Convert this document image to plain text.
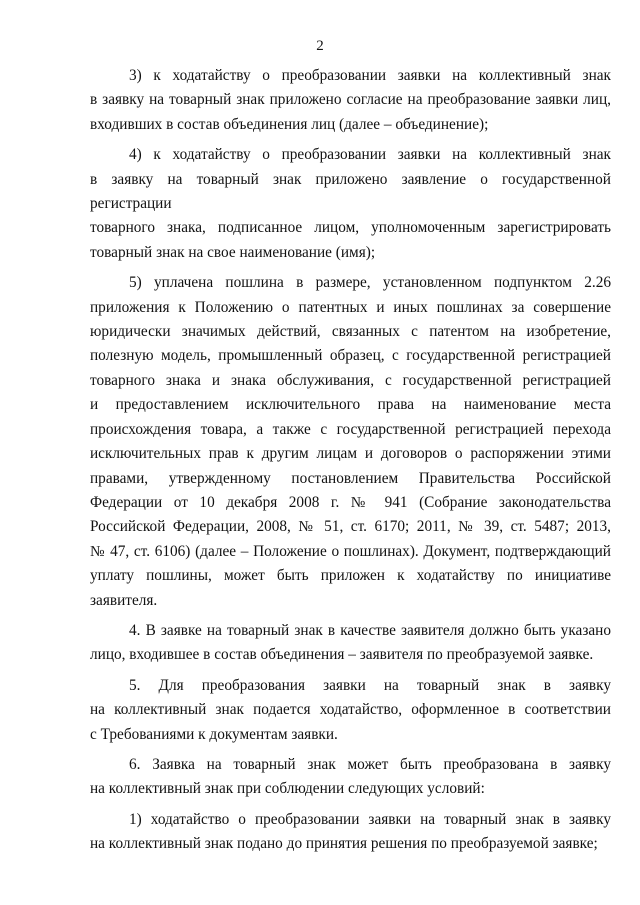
2

3) к ходатайству о преобразовании заявки на коллективный знак
в заявку на товарный знак приложено согласие на преобразование заявки лиц,
входивших в состав объединения лиц (далее – объединение);

4) к ходатайству о преобразовании заявки на коллективный знак
в заявку на товарный знак приложено заявление о государственной регистрации
товарного знака, подписанное лицом, уполномоченным зарегистрировать
товарный знак на свое наименование (имя);

5) уплачена пошлина в размере, установленном подпунктом 2.26
приложения к Положению о патентных и иных пошлинах за совершение
юридически значимых действий, связанных с патентом на изобретение,
полезную модель, промышленный образец, с государственной регистрацией
товарного знака и знака обслуживания, с государственной регистрацией
и предоставлением исключительного права на наименование места
происхождения товара, а также с государственной регистрацией перехода
исключительных прав к другим лицам и договоров о распоряжении этими
правами, утвержденному постановлением Правительства Российской
Федерации от 10 декабря 2008 г. № 941 (Собрание законодательства
Российской Федерации, 2008, № 51, ст. 6170; 2011, № 39, ст. 5487; 2013,
№ 47, ст. 6106) (далее – Положение о пошлинах). Документ, подтверждающий
уплату пошлины, может быть приложен к ходатайству по инициативе
заявителя.

4. В заявке на товарный знак в качестве заявителя должно быть указано
лицо, входившее в состав объединения – заявителя по преобразуемой заявке.

5. Для преобразования заявки на товарный знак в заявку
на коллективный знак подается ходатайство, оформленное в соответствии
с Требованиями к документам заявки.

6. Заявка на товарный знак может быть преобразована в заявку
на коллективный знак при соблюдении следующих условий:

1) ходатайство о преобразовании заявки на товарный знак в заявку
на коллективный знак подано до принятия решения по преобразуемой заявке;
